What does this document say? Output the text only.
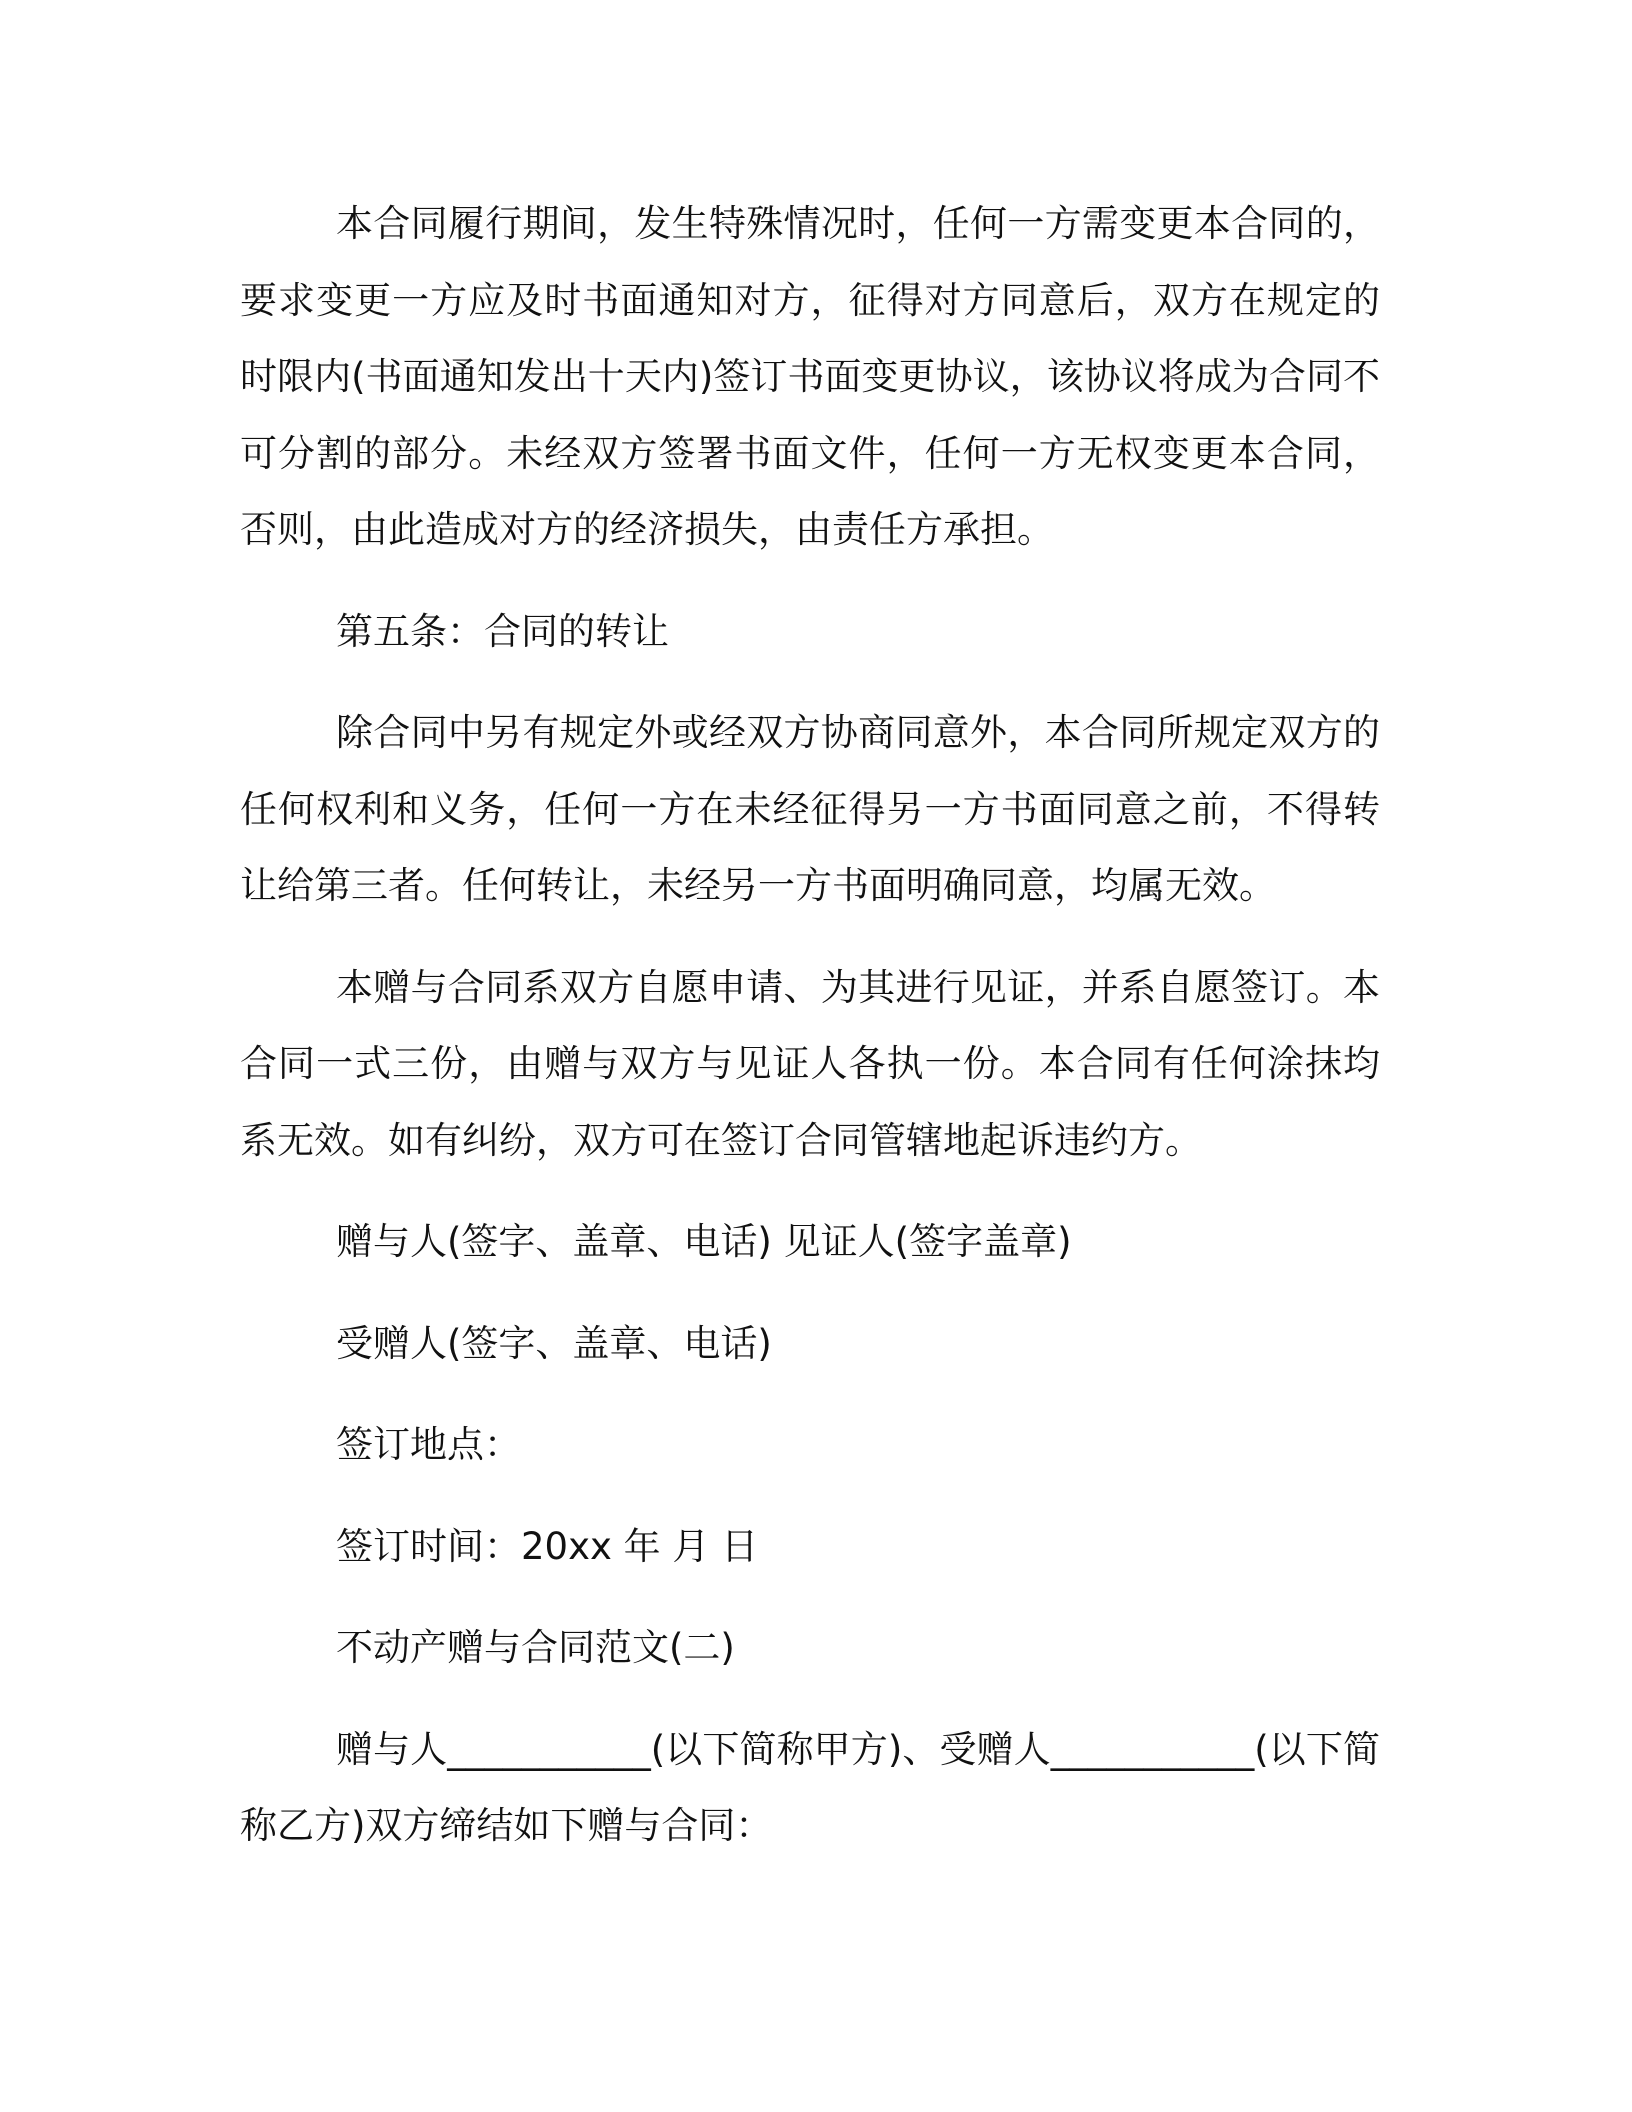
本合同履行期间，发生特殊情况时，任何一方需变更本合同的，要求变更一方应及时书面通知对方，征得对方同意后，双方在规定的时限内(书面通知发出十天内)签订书面变更协议，该协议将成为合同不可分割的部分。未经双方签署书面文件，任何一方无权变更本合同，否则，由此造成对方的经济损失，由责任方承担。

第五条：合同的转让

除合同中另有规定外或经双方协商同意外，本合同所规定双方的任何权利和义务，任何一方在未经征得另一方书面同意之前，不得转让给第三者。任何转让，未经另一方书面明确同意，均属无效。

本赠与合同系双方自愿申请、为其进行见证，并系自愿签订。本合同一式三份，由赠与双方与见证人各执一份。本合同有任何涂抹均系无效。如有纠纷，双方可在签订合同管辖地起诉违约方。

赠与人(签字、盖章、电话) 见证人(签字盖章)

受赠人(签字、盖章、电话)

签订地点：

签订时间：20xx 年 月 日

不动产赠与合同范文(二)

赠与人___________(以下简称甲方)、受赠人___________(以下简称乙方)双方缔结如下赠与合同：
